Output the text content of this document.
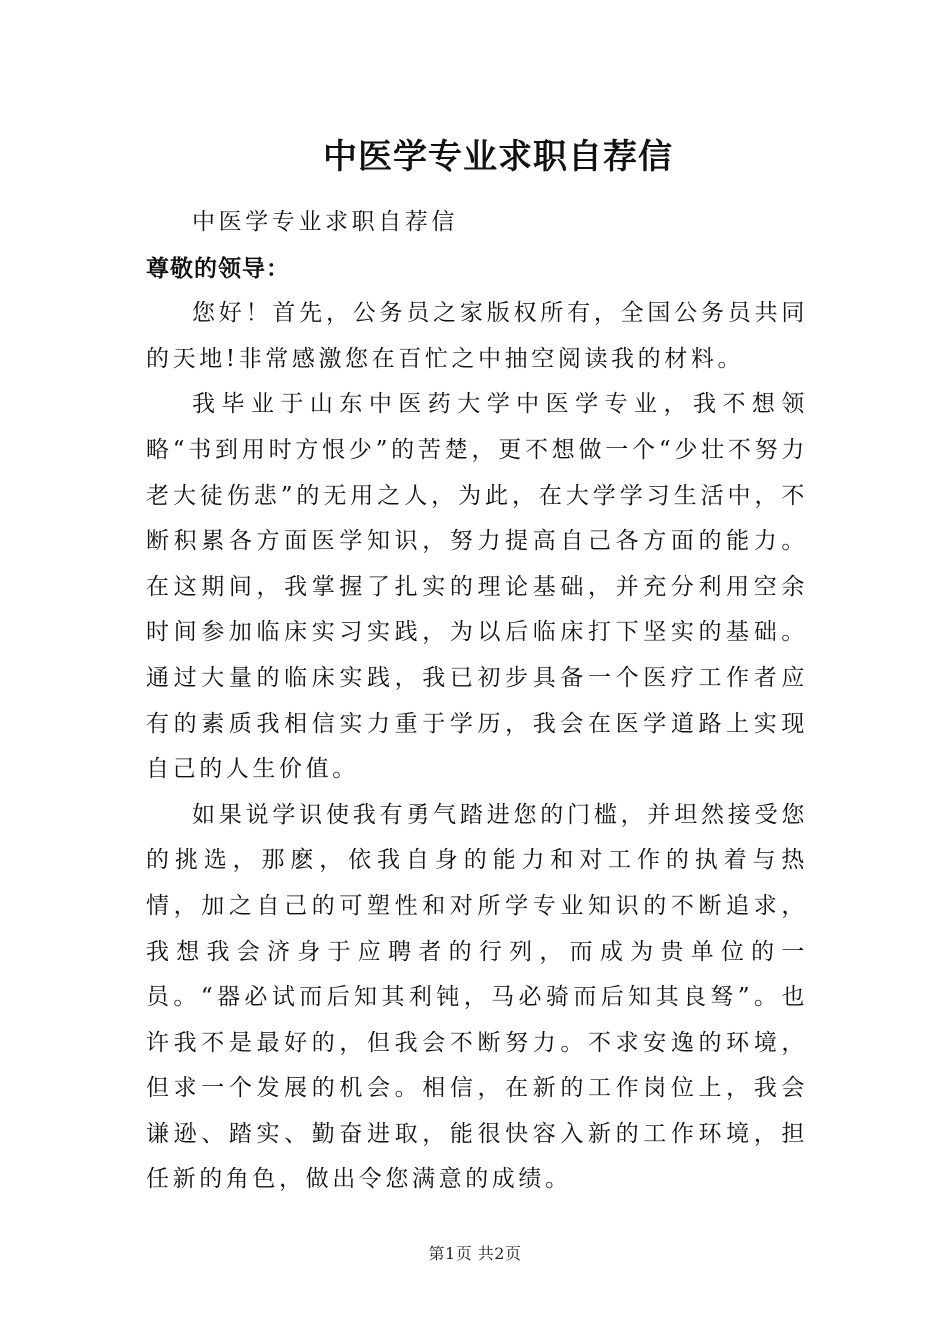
中医学专业求职自荐信

中医学专业求职自荐信

尊敬的领导：

您好！首先，公务员之家版权所有，全国公务员共同的天地!非常感激您在百忙之中抽空阅读我的材料。

我毕业于山东中医药大学中医学专业，我不想领略“书到用时方恨少”的苦楚，更不想做一个“少壮不努力老大徒伤悲”的无用之人，为此，在大学学习生活中，不断积累各方面医学知识，努力提高自己各方面的能力。在这期间，我掌握了扎实的理论基础，并充分利用空余时间参加临床实习实践，为以后临床打下坚实的基础。通过大量的临床实践，我已初步具备一个医疗工作者应有的素质我相信实力重于学历，我会在医学道路上实现自己的人生价值。

如果说学识使我有勇气踏进您的门槛，并坦然接受您的挑选，那麽，依我自身的能力和对工作的执着与热情，加之自己的可塑性和对所学专业知识的不断追求，我想我会济身于应聘者的行列，而成为贵单位的一员。“器必试而后知其利钝，马必骑而后知其良驽”。也许我不是最好的，但我会不断努力。不求安逸的环境，但求一个发展的机会。相信，在新的工作岗位上，我会谦逊、踏实、勤奋进取，能很快容入新的工作环境，担任新的角色，做出令您满意的成绩。

第1页 共2页
